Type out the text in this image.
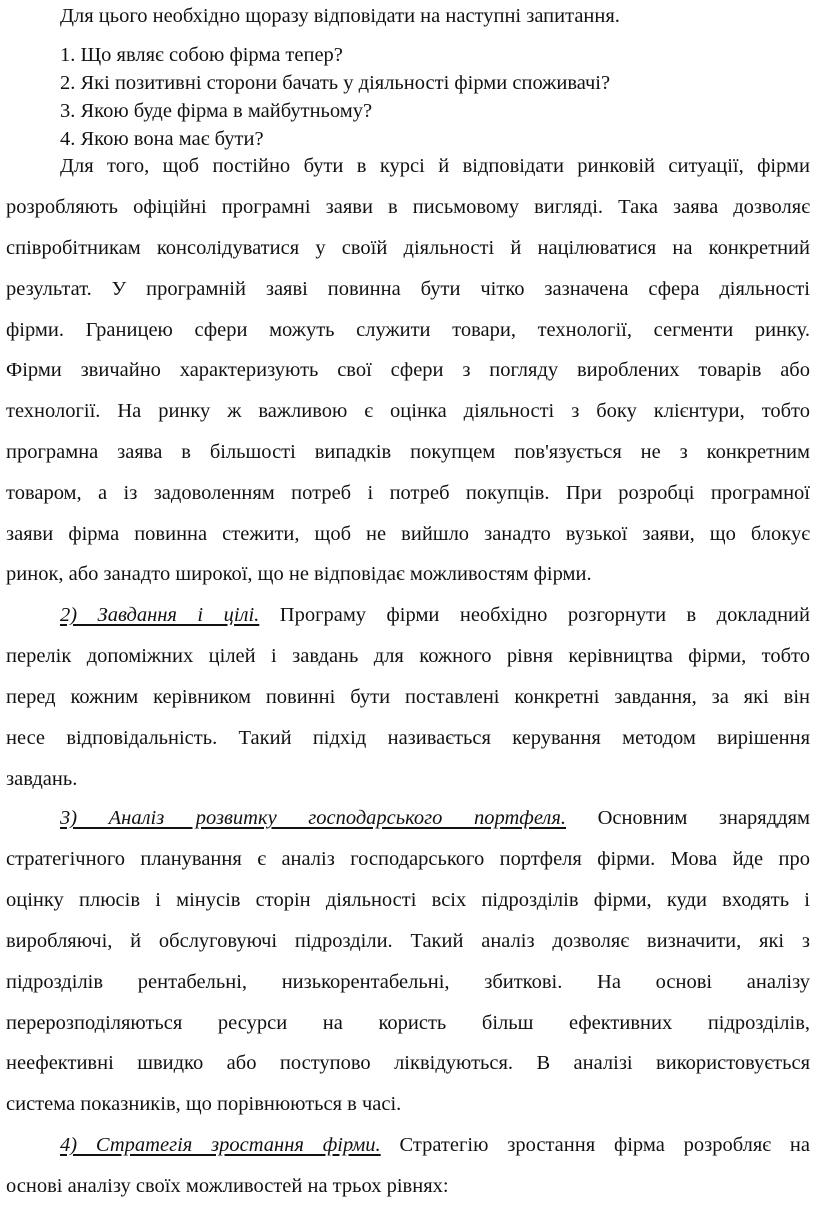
Для цього необхідно щоразу відповідати на наступні запитання.
1. Що являє собою фірма тепер?
2. Які позитивні сторони бачать у діяльності фірми споживачі?
3. Якою буде фірма в майбутньому?
4. Якою вона має бути?
Для того, щоб постійно бути в курсі й відповідати ринковій ситуації, фірми
розробляють офіційні програмні заяви в письмовому вигляді. Така заява дозволяє
співробітникам консолідуватися у своїй діяльності й націлюватися на конкретний
результат. У програмній заяві повинна бути чітко зазначена сфера діяльності
фірми. Границею сфери можуть служити товари, технології, сегменти ринку.
Фірми звичайно характеризують свої сфери з погляду вироблених товарів або
технології. На ринку ж важливою є оцінка діяльності з боку клієнтури, тобто
програмна заява в більшості випадків покупцем пов'язується не з конкретним
товаром, а із задоволенням потреб і потреб покупців. При розробці програмної
заяви фірма повинна стежити, щоб не вийшло занадто вузької заяви, що блокує
ринок, або занадто широкої, що не відповідає можливостям фірми.
2) Завдання і цілі. Програму фірми необхідно розгорнути в докладний
перелік допоміжних цілей і завдань для кожного рівня керівництва фірми, тобто
перед кожним керівником повинні бути поставлені конкретні завдання, за які він
несе відповідальність. Такий підхід називається керування методом вирішення
завдань.
3) Аналіз розвитку господарського портфеля. Основним знаряддям
стратегічного планування є аналіз господарського портфеля фірми. Мова йде про
оцінку плюсів і мінусів сторін діяльності всіх підрозділів фірми, куди входять і
виробляючі, й обслуговуючі підрозділи. Такий аналіз дозволяє визначити, які з
підрозділів рентабельні, низькорентабельні, збиткові. На основі аналізу
перерозподіляються ресурси на користь більш ефективних підрозділів,
неефективні швидко або поступово ліквідуються. В аналізі використовується
система показників, що порівнюються в часі.
4) Стратегія зростання фірми. Стратегію зростання фірма розробляє на
основі аналізу своїх можливостей на трьох рівнях:
